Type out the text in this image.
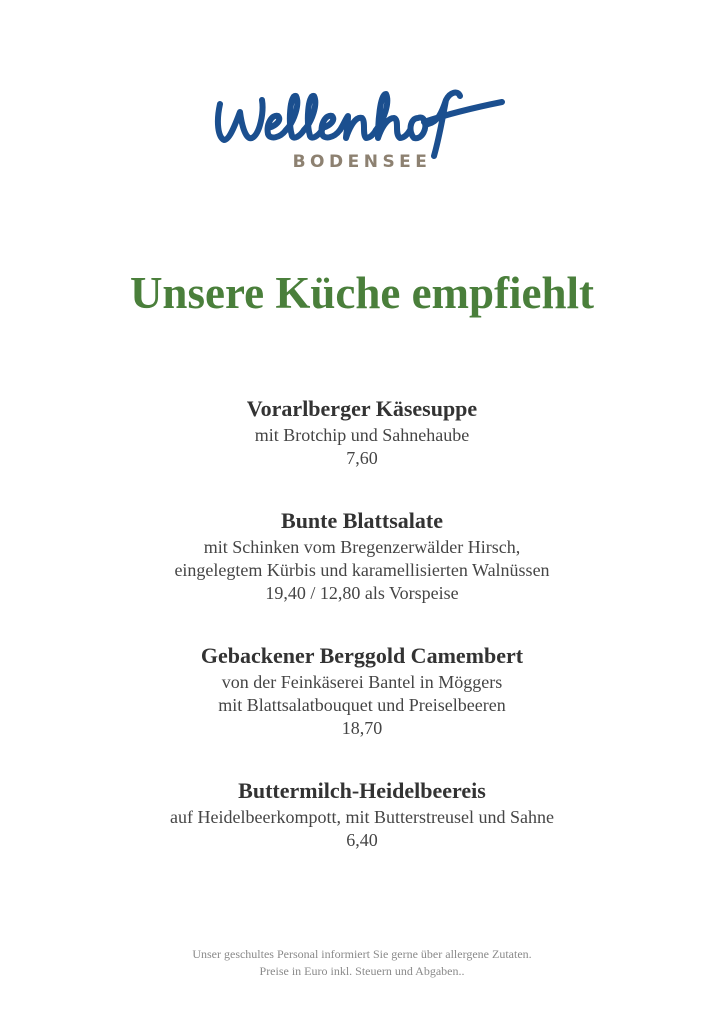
BODENSEE
Unsere Küche empfiehlt
Vorarlberger Käsesuppe
mit Brotchip und Sahnehaube
7,60
Bunte Blattsalate
mit Schinken vom Bregenzerwälder Hirsch,
eingelegtem Kürbis und karamellisierten Walnüssen
19,40 / 12,80 als Vorspeise
Gebackener Berggold Camembert
von der Feinkäserei Bantel in Möggers
mit Blattsalatbouquet und Preiselbeeren
18,70
Buttermilch-Heidelbeereis
auf Heidelbeerkompott, mit Butterstreusel und Sahne
6,40
Unser geschultes Personal informiert Sie gerne über allergene Zutaten.
Preise in Euro inkl. Steuern und Abgaben..
